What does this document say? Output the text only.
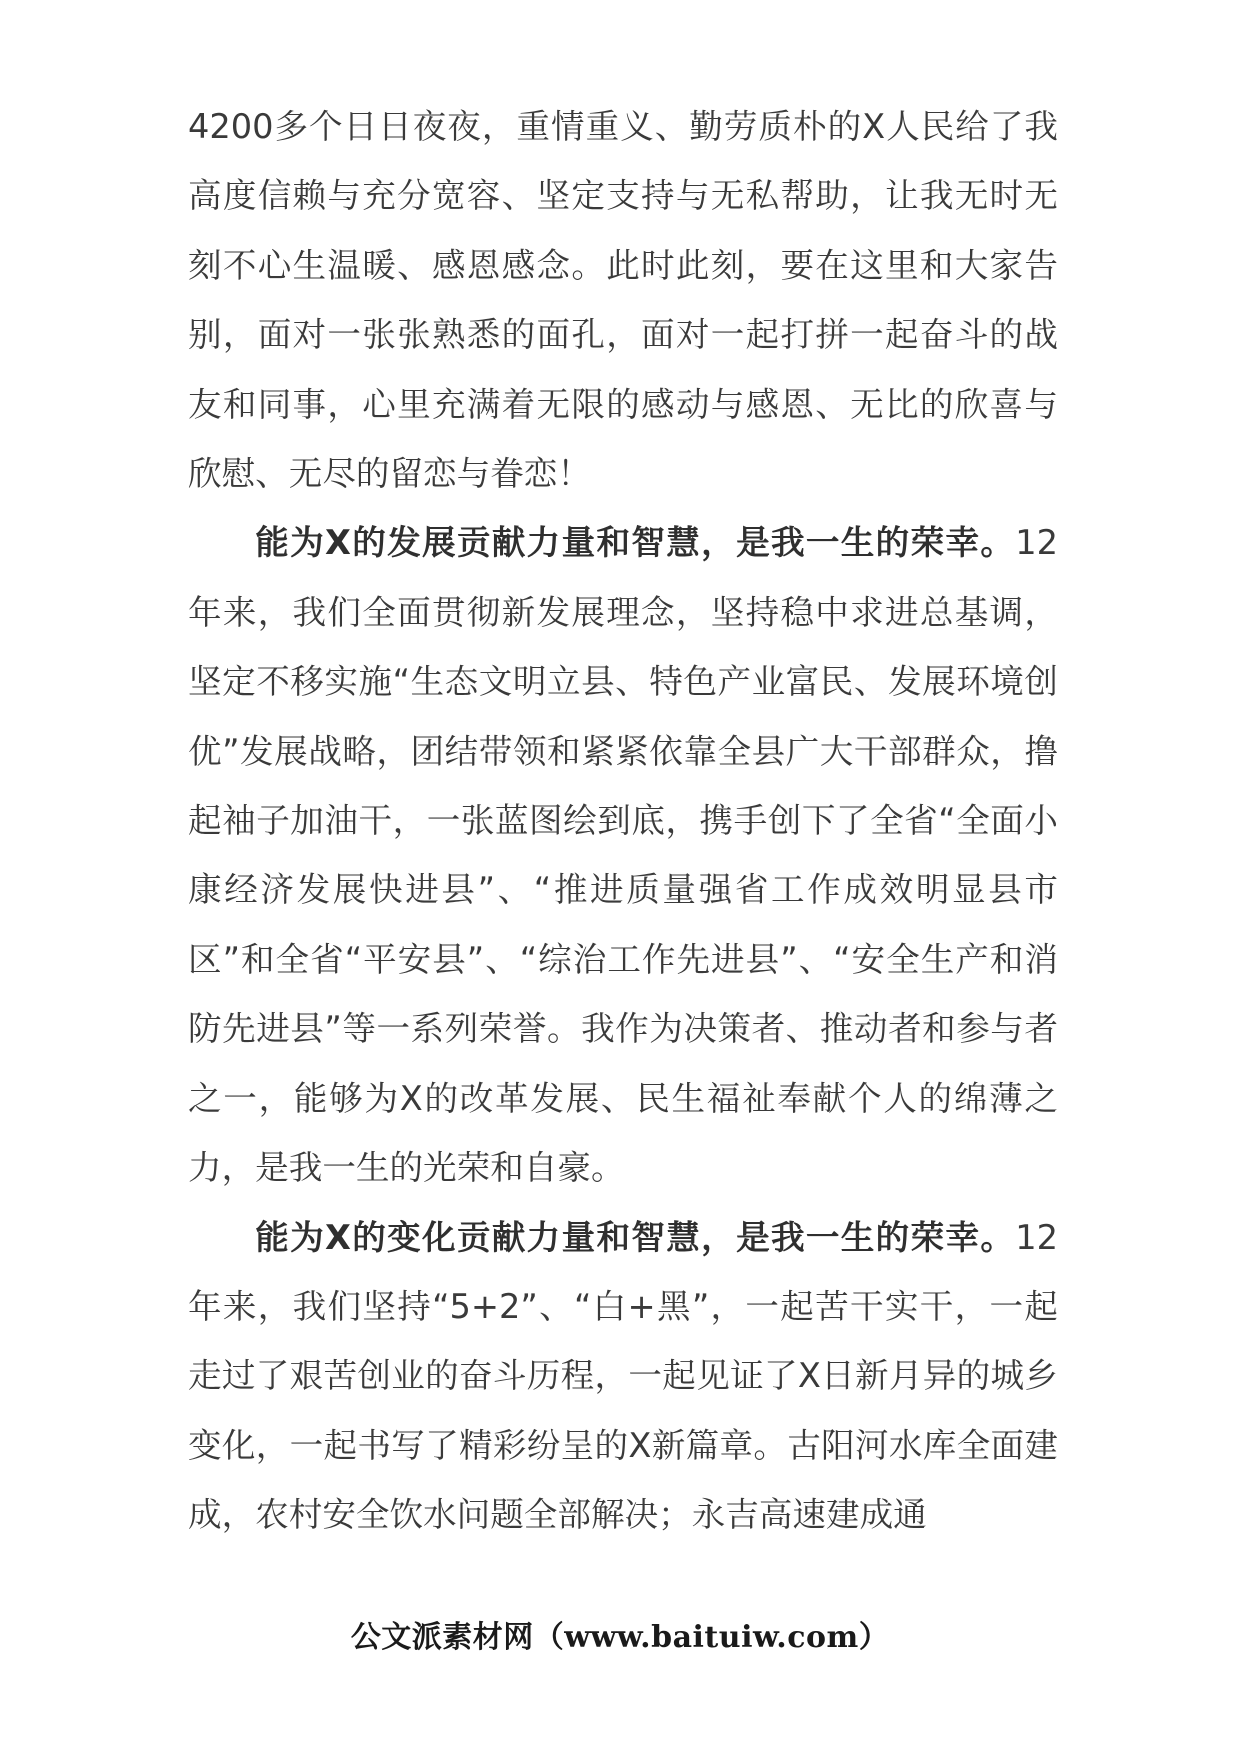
4200多个日日夜夜，重情重义、勤劳质朴的X人民给了我高度信赖与充分宽容、坚定支持与无私帮助，让我无时无刻不心生温暖、感恩感念。此时此刻，要在这里和大家告别，面对一张张熟悉的面孔，面对一起打拼一起奋斗的战友和同事，心里充满着无限的感动与感恩、无比的欣喜与欣慰、无尽的留恋与眷恋！

能为X的发展贡献力量和智慧，是我一生的荣幸。12年来，我们全面贯彻新发展理念，坚持稳中求进总基调，坚定不移实施“生态文明立县、特色产业富民、发展环境创优”发展战略，团结带领和紧紧依靠全县广大干部群众，撸起袖子加油干，一张蓝图绘到底，携手创下了全省“全面小康经济发展快进县”、“推进质量强省工作成效明显县市区”和全省“平安县”、“综治工作先进县”、“安全生产和消防先进县”等一系列荣誉。我作为决策者、推动者和参与者之一，能够为X的改革发展、民生福祉奉献个人的绵薄之力，是我一生的光荣和自豪。

能为X的变化贡献力量和智慧，是我一生的荣幸。12年来，我们坚持“5+2”、“白+黑”，一起苦干实干，一起走过了艰苦创业的奋斗历程，一起见证了X日新月异的城乡变化，一起书写了精彩纷呈的X新篇章。古阳河水库全面建成，农村安全饮水问题全部解决；永吉高速建成通

公文派素材网（www.baituiw.com）
